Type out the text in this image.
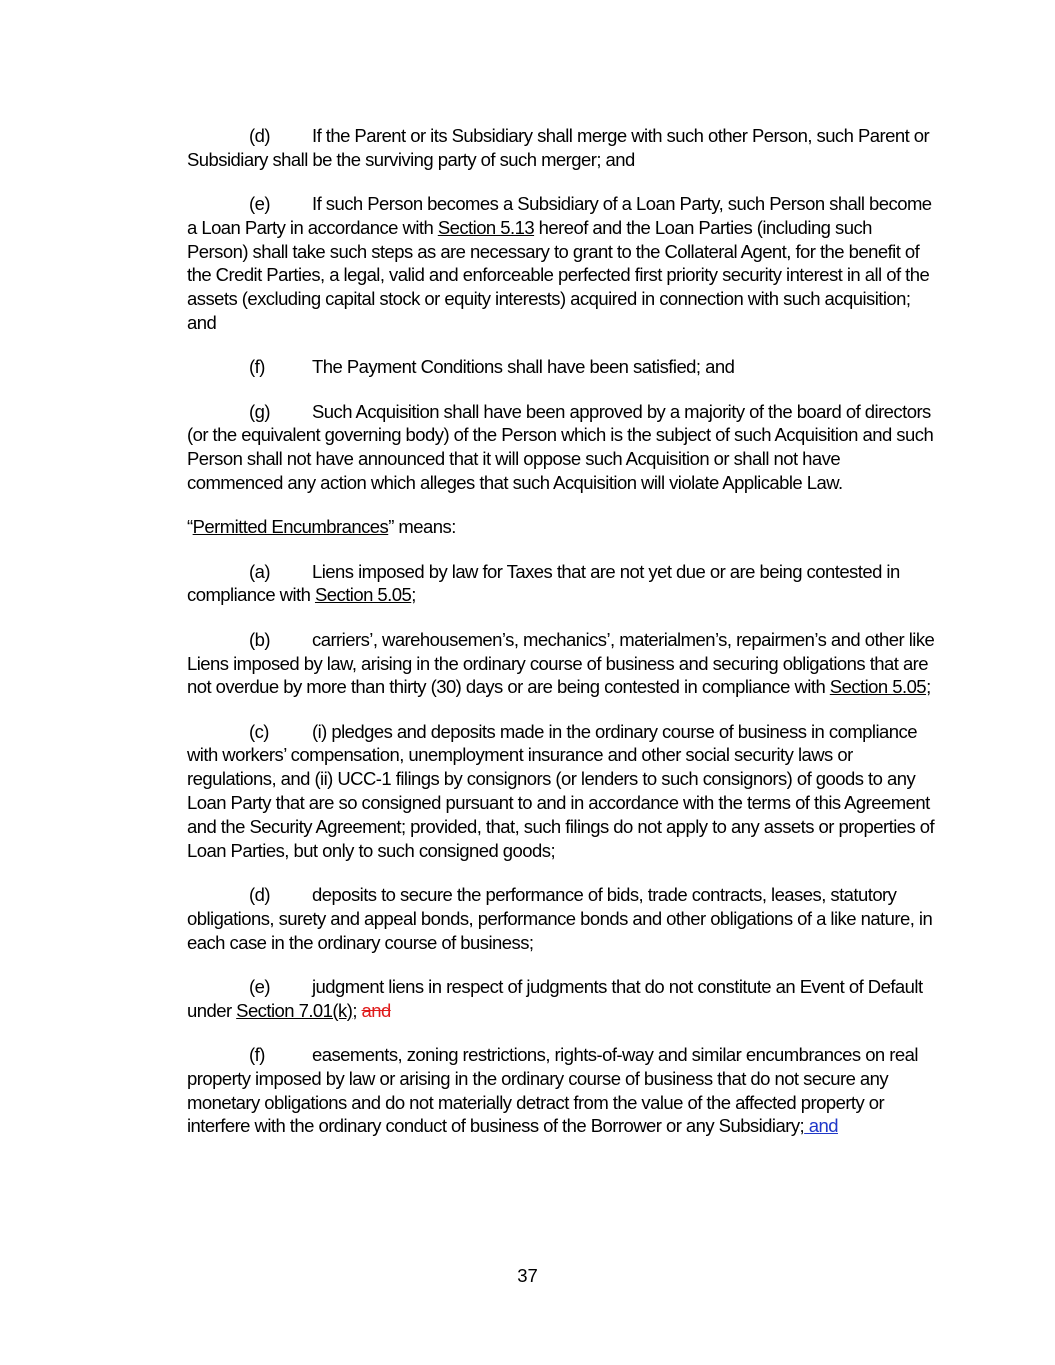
(d) If the Parent or its Subsidiary shall merge with such other Person, such Parent or Subsidiary shall be the surviving party of such merger; and

(e) If such Person becomes a Subsidiary of a Loan Party, such Person shall become a Loan Party in accordance with Section 5.13 hereof and the Loan Parties (including such Person) shall take such steps as are necessary to grant to the Collateral Agent, for the benefit of the Credit Parties, a legal, valid and enforceable perfected first priority security interest in all of the assets (excluding capital stock or equity interests) acquired in connection with such acquisition; and

(f)	The Payment Conditions shall have been satisfied; and

(g) Such Acquisition shall have been approved by a majority of the board of directors (or the equivalent governing body) of the Person which is the subject of such Acquisition and such Person shall not have announced that it will oppose such Acquisition or shall not have commenced any action which alleges that such Acquisition will violate Applicable Law.

“Permitted Encumbrances” means:

(a) Liens imposed by law for Taxes that are not yet due or are being contested in compliance with Section 5.05;

(b) carriers’, warehousemen’s, mechanics’, materialmen’s, repairmen’s and other like Liens imposed by law, arising in the ordinary course of business and securing obligations that are not overdue by more than thirty (30) days or are being contested in compliance with Section 5.05;

(c) (i) pledges and deposits made in the ordinary course of business in compliance with workers’ compensation, unemployment insurance and other social security laws or regulations, and (ii) UCC-1 filings by consignors (or lenders to such consignors) of goods to any Loan Party that are so consigned pursuant to and in accordance with the terms of this Agreement and the Security Agreement; provided, that, such filings do not apply to any assets or properties of Loan Parties, but only to such consigned goods;

(d) deposits to secure the performance of bids, trade contracts, leases, statutory obligations, surety and appeal bonds, performance bonds and other obligations of a like nature, in each case in the ordinary course of business;

(e) judgment liens in respect of judgments that do not constitute an Event of Default under Section 7.01(k); and

(f)	easements, zoning restrictions, rights-of-way and similar encumbrances on real property imposed by law or arising in the ordinary course of business that do not secure any monetary obligations and do not materially detract from the value of the affected property or interfere with the ordinary conduct of business of the Borrower or any Subsidiary; and

37
